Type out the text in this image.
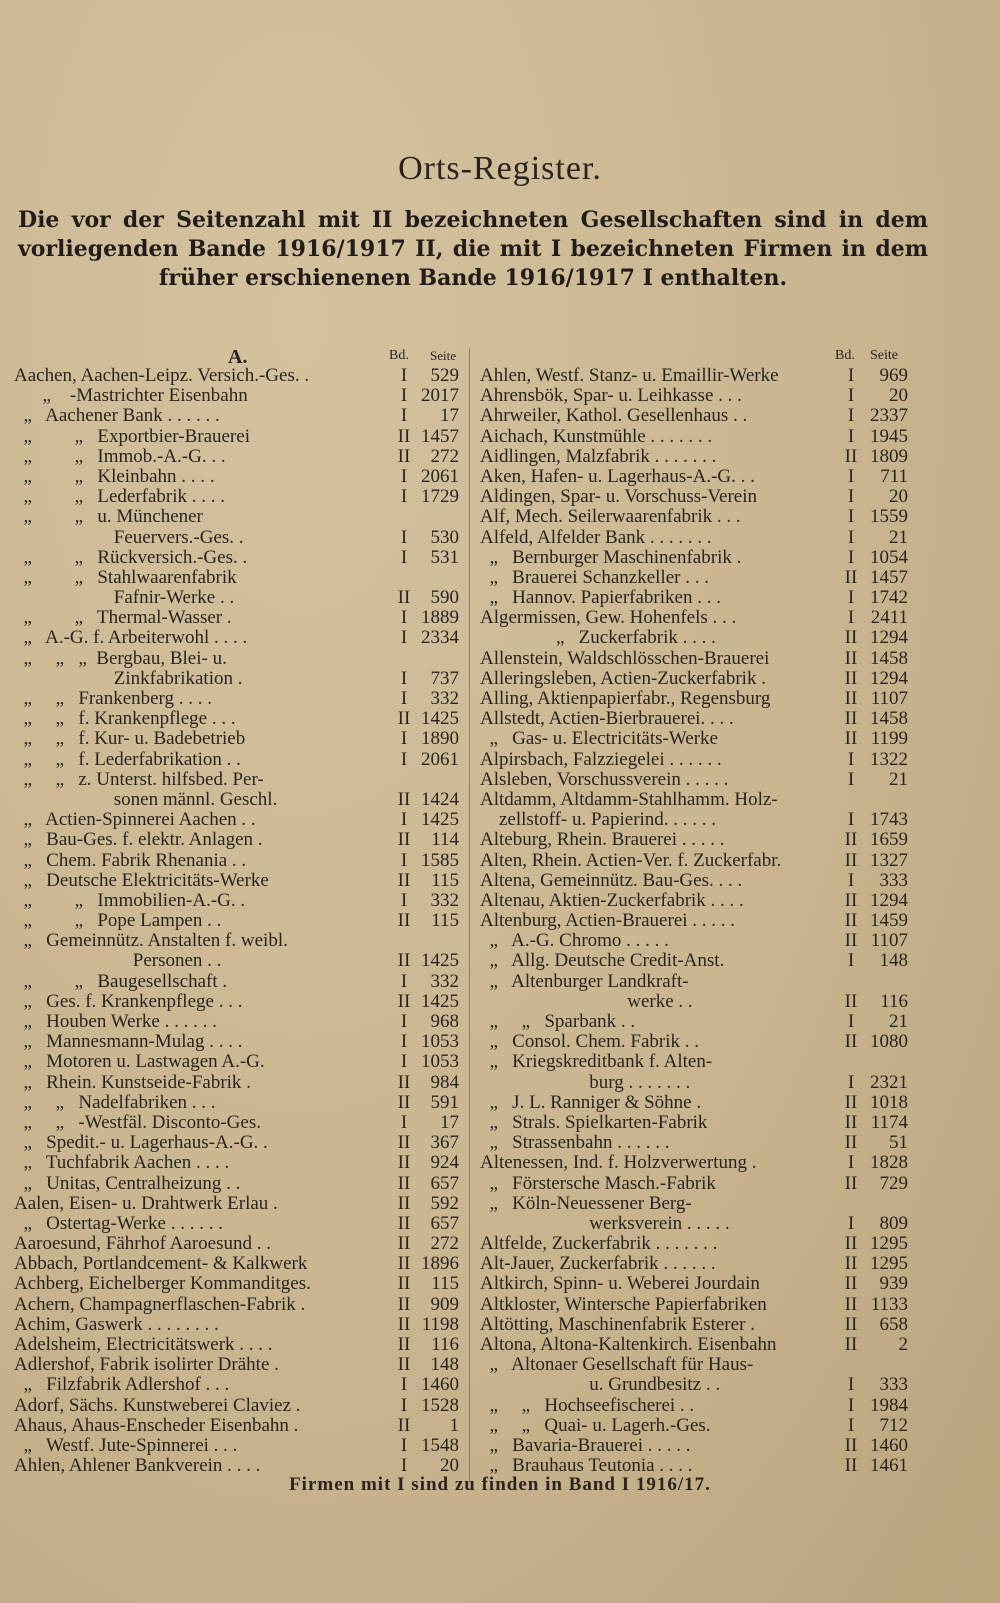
Orts-Register.
Die vor der Seitenzahl mit II bezeichneten Gesellschaften sind in dem
vorliegenden Bande 1916/1917 II, die mit I bezeichneten Firmen in dem
früher erschienenen Bande 1916/1917 I enthalten.
A.	Bd. Seite
Aachen, Aachen-Leipz. Versich.-Ges. .	I	529
„    -Mastrichter Eisenbahn	I 2017
„   Aachener Bank . . . . . .	I	17
„         „   Exportbier-Brauerei	II 1457
„         „   Immob.-A.-G. . .	II	272
„         „   Kleinbahn . . . .	I 2061
„         „   Lederfabrik . . . .	I 1729
„         „   u. Münchener
Feuervers.-Ges. .	I	530
„         „   Rückversich.-Ges. .	I	531
„         „   Stahlwaarenfabrik
Fafnir-Werke . .	II	590
„         „   Thermal-Wasser .	I 1889
„   A.-G. f. Arbeiterwohl . . . .	I 2334
„     „   „  Bergbau, Blei- u.
Zinkfabrikation .	I	737
„     „   Frankenberg . . . .	I	332
„     „   f. Krankenpflege . . .	II 1425
„     „   f. Kur- u. Badebetrieb	I 1890
„     „   f. Lederfabrikation . .	I 2061
„     „   z. Unterst. hilfsbed. Per-
sonen männl. Geschl.	II 1424
„   Actien-Spinnerei Aachen . .	I 1425
„   Bau-Ges. f. elektr. Anlagen .	II	114
„   Chem. Fabrik Rhenania . .	I 1585
„   Deutsche Elektricitäts-Werke	II	115
„         „   Immobilien-A.-G. .	I	332
„         „   Pope Lampen . .	II	115
„   Gemeinnütz. Anstalten f. weibl.
Personen . .	II 1425
„         „   Baugesellschaft .	I	332
„   Ges. f. Krankenpflege . . .	II 1425
„   Houben Werke . . . . . .	I	968
„   Mannesmann-Mulag . . . .	I 1053
„   Motoren u. Lastwagen A.-G.	I 1053
„   Rhein. Kunstseide-Fabrik .	II	984
„     „   Nadelfabriken . . .	II	591
„     „   -Westfäl. Disconto-Ges.	I	17
„   Spedit.- u. Lagerhaus-A.-G. .	II	367
„   Tuchfabrik Aachen . . . .	II	924
„   Unitas, Centralheizung . .	II	657
Aalen, Eisen- u. Drahtwerk Erlau .	II	592
„   Ostertag-Werke . . . . . .	II	657
Aaroesund, Fährhof Aaroesund . .	II	272
Abbach, Portlandcement- & Kalkwerk	II 1896
Achberg, Eichelberger Kommanditges.	II	115
Achern, Champagnerflaschen-Fabrik .	II	909
Achim, Gaswerk . . . . . . . .	II 1198
Adelsheim, Electricitätswerk . . . .	II	116
Adlershof, Fabrik isolirter Drähte .	II	148
„   Filzfabrik Adlershof . . .	I 1460
Adorf, Sächs. Kunstweberei Claviez .	I 1528
Ahaus, Ahaus-Enscheder Eisenbahn .	II	1
„   Westf. Jute-Spinnerei . . .	I 1548
Ahlen, Ahlener Bankverein . . . .	I	20
Bd. Seite
Ahlen, Westf. Stanz- u. Emaillir-Werke	I	969
Ahrensbök, Spar- u. Leihkasse . . .	I	20
Ahrweiler, Kathol. Gesellenhaus . .	I 2337
Aichach, Kunstmühle . . . . . . .	I 1945
Aidlingen, Malzfabrik . . . . . . .	II 1809
Aken, Hafen- u. Lagerhaus-A.-G. . .	I	711
Aldingen, Spar- u. Vorschuss-Verein	I	20
Alf, Mech. Seilerwaarenfabrik . . .	I 1559
Alfeld, Alfelder Bank . . . . . . .	I	21
„   Bernburger Maschinenfabrik .	I 1054
„   Brauerei Schanzkeller . . .	II 1457
„   Hannov. Papierfabriken . . .	I 1742
Algermissen, Gew. Hohenfels . . .	I 2411
„   Zuckerfabrik . . . .	II 1294
Allenstein, Waldschlösschen-Brauerei	II 1458
Alleringsleben, Actien-Zuckerfabrik .	II 1294
Alling, Aktienpapierfabr., Regensburg	II 1107
Allstedt, Actien-Bierbrauerei. . . .	II 1458
„   Gas- u. Electricitäts-Werke	II 1199
Alpirsbach, Falzziegelei . . . . . .	I 1322
Alsleben, Vorschussverein . . . . .	I	21
Altdamm, Altdamm-Stahlhamm. Holz-
zellstoff- u. Papierind. . . . . .	I 1743
Alteburg, Rhein. Brauerei . . . . .	II 1659
Alten, Rhein. Actien-Ver. f. Zuckerfabr.	II 1327
Altena, Gemeinnütz. Bau-Ges. . . .	I	333
Altenau, Aktien-Zuckerfabrik . . . .	II 1294
Altenburg, Actien-Brauerei . . . . .	II 1459
„   A.-G. Chromo . . . . .	II 1107
„   Allg. Deutsche Credit-Anst.	I	148
„   Altenburger Landkraft-
werke . .	II	116
„     „   Sparbank . .	I	21
„   Consol. Chem. Fabrik . .	II 1080
„   Kriegskreditbank f. Alten-
burg . . . . . . .	I 2321
„   J. L. Ranniger & Söhne .	II 1018
„   Strals. Spielkarten-Fabrik	II 1174
„   Strassenbahn . . . . . .	II	51
Altenessen, Ind. f. Holzverwertung .	I 1828
„   Förstersche Masch.-Fabrik	II	729
„   Köln-Neuessener Berg-
werksverein . . . . .	I	809
Altfelde, Zuckerfabrik . . . . . . .	II 1295
Alt-Jauer, Zuckerfabrik . . . . . .	II 1295
Altkirch, Spinn- u. Weberei Jourdain	II	939
Altkloster, Wintersche Papierfabriken	II 1133
Altötting, Maschinenfabrik Esterer .	II	658
Altona, Altona-Kaltenkirch. Eisenbahn	II	2
„   Altonaer Gesellschaft für Haus-
u. Grundbesitz . .	I	333
„     „   Hochseefischerei . .	I 1984
„     „   Quai- u. Lagerh.-Ges.	I	712
„   Bavaria-Brauerei . . . . .	II 1460
„   Brauhaus Teutonia . . . .	II 1461
Firmen mit I sind zu finden in Band I 1916/17.
